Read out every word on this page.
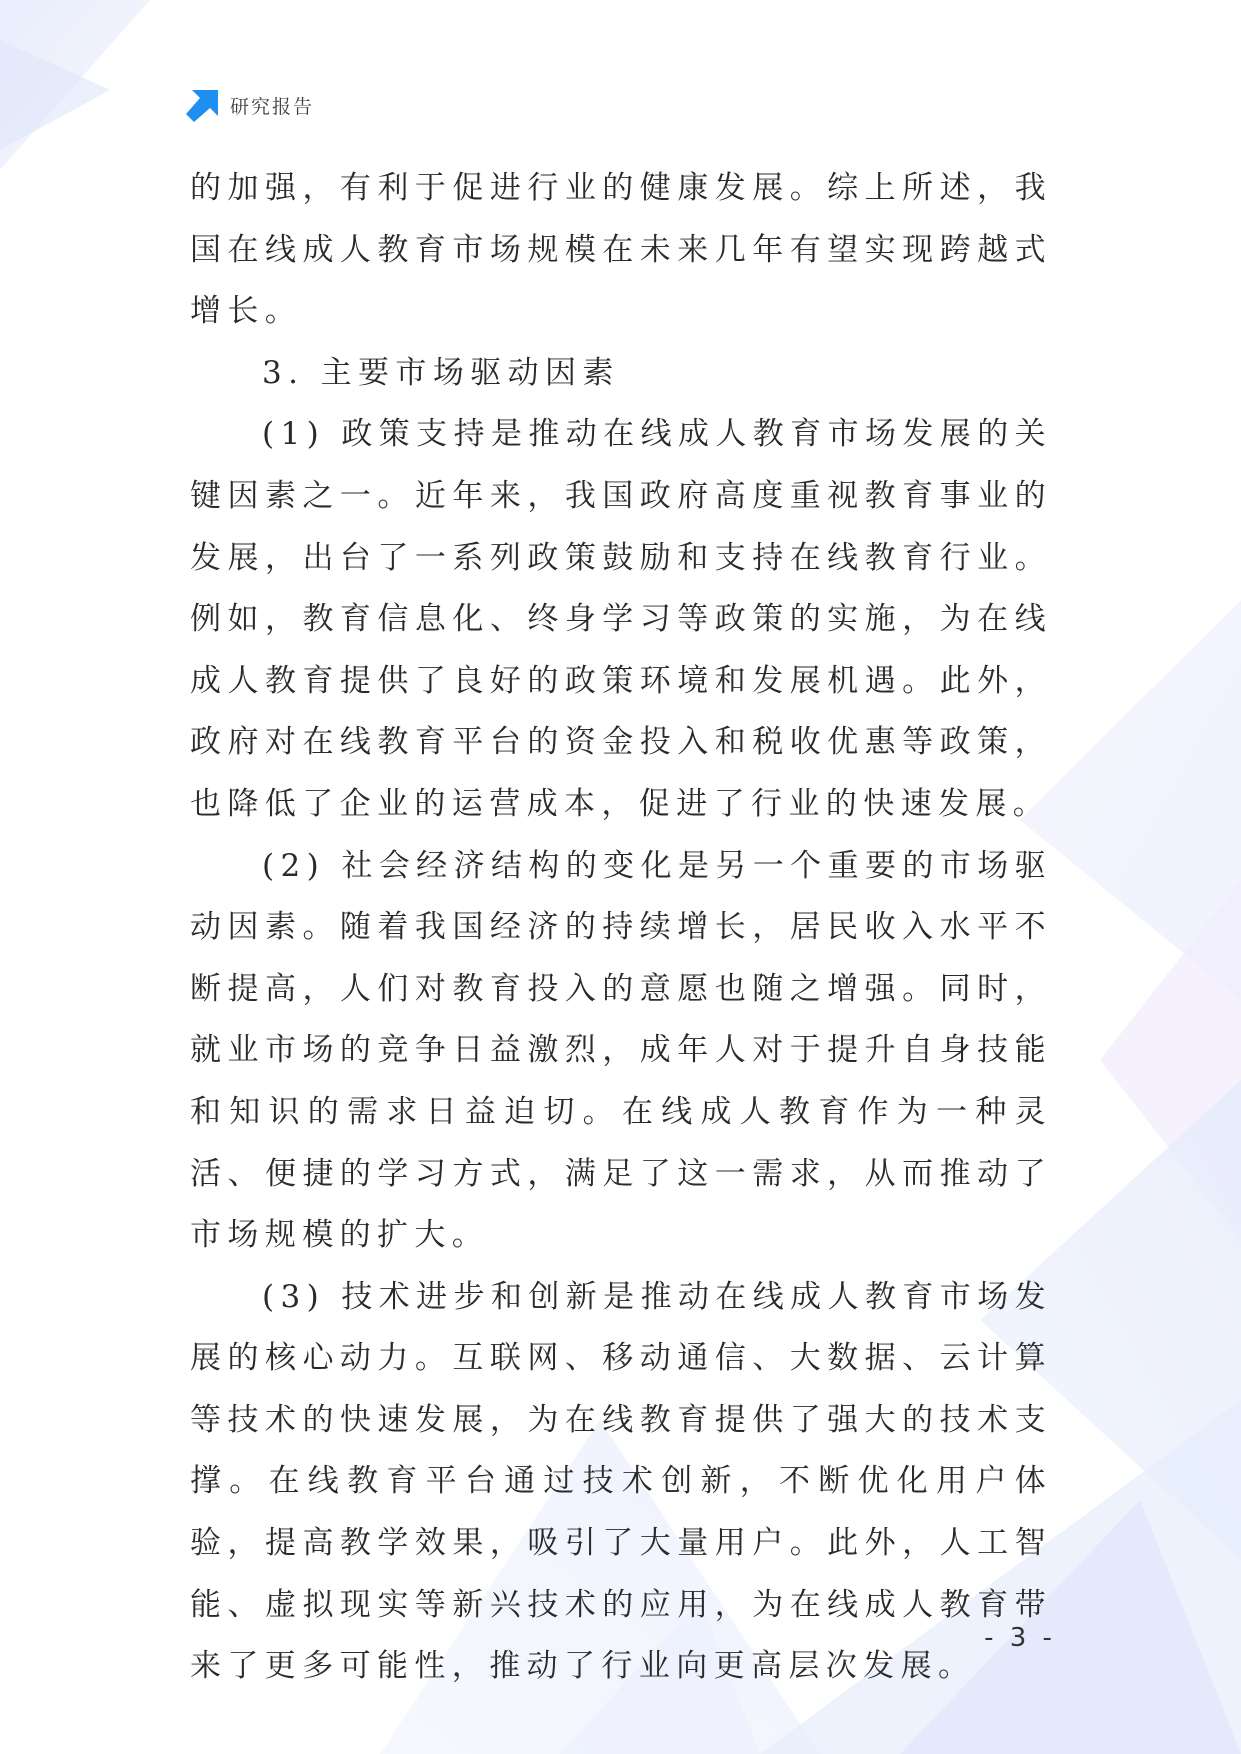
研究报告

的加强，有利于促进行业的健康发展。综上所述，我国在线成人教育市场规模在未来几年有望实现跨越式增长。

3. 主要市场驱动因素

(1) 政策支持是推动在线成人教育市场发展的关键因素之一。近年来，我国政府高度重视教育事业的发展，出台了一系列政策鼓励和支持在线教育行业。例如，教育信息化、终身学习等政策的实施，为在线成人教育提供了良好的政策环境和发展机遇。此外，政府对在线教育平台的资金投入和税收优惠等政策，也降低了企业的运营成本，促进了行业的快速发展。

(2) 社会经济结构的变化是另一个重要的市场驱动因素。随着我国经济的持续增长，居民收入水平不断提高，人们对教育投入的意愿也随之增强。同时，就业市场的竞争日益激烈，成年人对于提升自身技能和知识的需求日益迫切。在线成人教育作为一种灵活、便捷的学习方式，满足了这一需求，从而推动了市场规模的扩大。

(3) 技术进步和创新是推动在线成人教育市场发展的核心动力。互联网、移动通信、大数据、云计算等技术的快速发展，为在线教育提供了强大的技术支撑。在线教育平台通过技术创新，不断优化用户体验，提高教学效果，吸引了大量用户。此外，人工智能、虚拟现实等新兴技术的应用，为在线成人教育带来了更多可能性，推动了行业向更高层次发展。

- 3 -
